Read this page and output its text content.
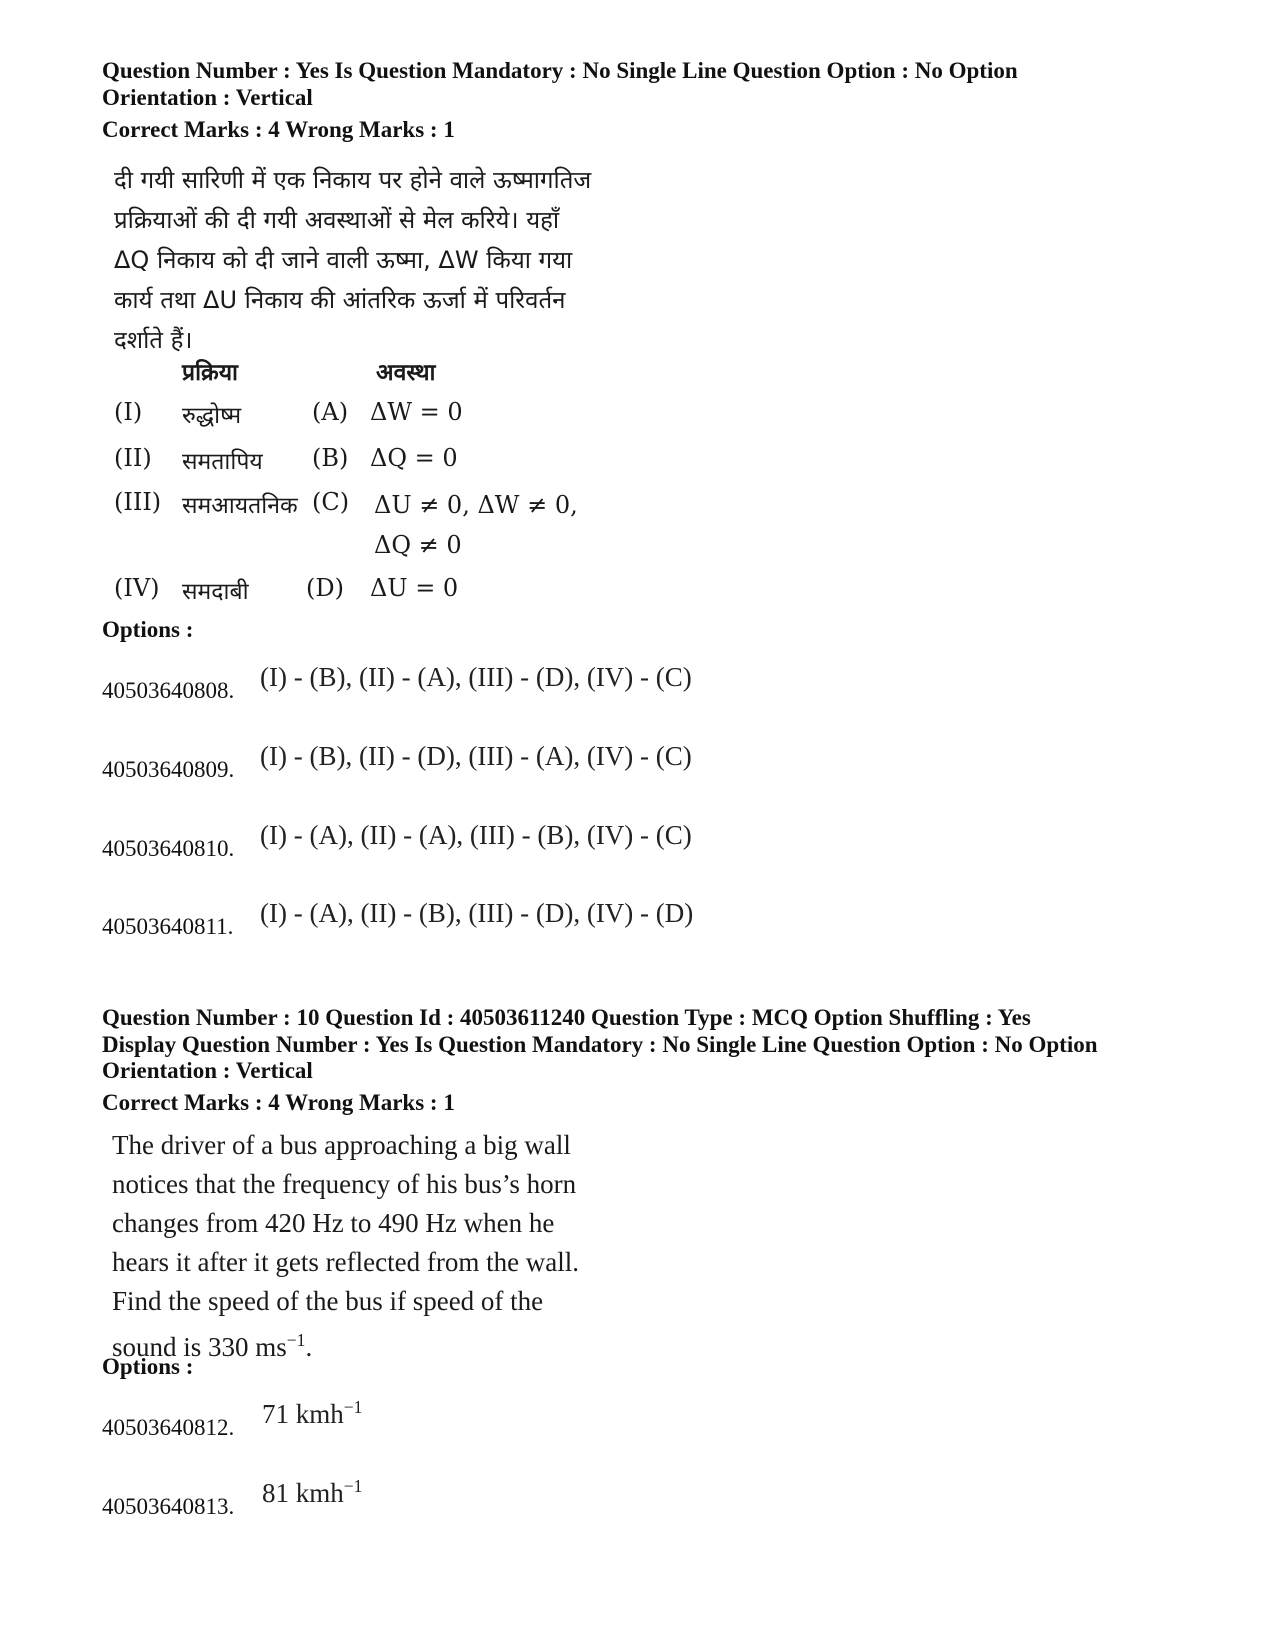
Question Number : Yes Is Question Mandatory : No Single Line Question Option : No Option
Orientation : Vertical
Correct Marks : 4 Wrong Marks : 1
दी गयी सारिणी में एक निकाय पर होने वाले ऊष्मागतिज
प्रक्रियाओं की दी गयी अवस्थाओं से मेल करिये। यहाँ
ΔQ निकाय को दी जाने वाली ऊष्मा, ΔW किया गया
कार्य तथा ΔU निकाय की आंतरिक ऊर्जा में परिवर्तन
दर्शाते हैं।
प्रक्रिया	अवस्था
(I) रुद्धोष्म	(A) ΔW = 0
(II) समतापिय (B) ΔQ = 0
(III) समआयतनिक (C) ΔU ≠ 0, ΔW ≠ 0,
ΔQ ≠ 0
(IV) समदाबी (D) ΔU = 0
Options :
40503640808. (I) - (B), (II) - (A), (III) - (D), (IV) - (C)
40503640809. (I) - (B), (II) - (D), (III) - (A), (IV) - (C)
40503640810. (I) - (A), (II) - (A), (III) - (B), (IV) - (C)
40503640811. (I) - (A), (II) - (B), (III) - (D), (IV) - (D)
Question Number : 10 Question Id : 40503611240 Question Type : MCQ Option Shuffling : Yes
Display Question Number : Yes Is Question Mandatory : No Single Line Question Option : No Option
Orientation : Vertical
Correct Marks : 4 Wrong Marks : 1
The driver of a bus approaching a big wall
notices that the frequency of his bus’s horn
changes from 420 Hz to 490 Hz when he
hears it after it gets reflected from the wall.
Find the speed of the bus if speed of the
sound is 330 $ms^{-1}$.
Options :
40503640812. 71 kmh$^{-1}$
40503640813. 81 kmh$^{-1}$
